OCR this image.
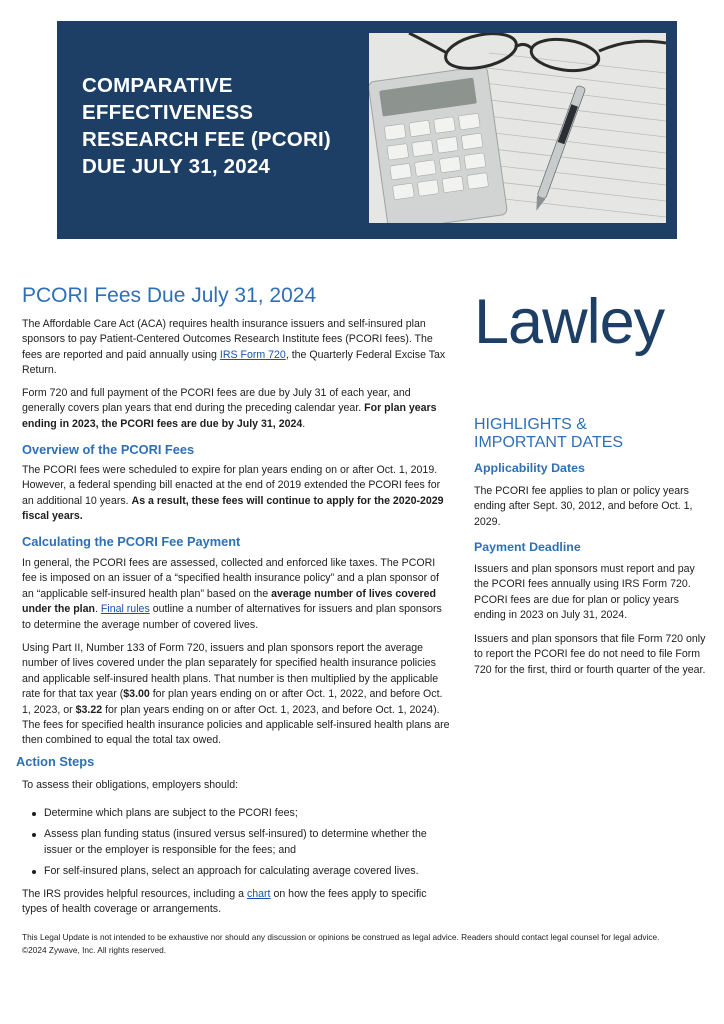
COMPARATIVE
EFFECTIVENESS
RESEARCH FEE (PCORI)
DUE JULY 31, 2024
PCORI Fees Due July 31, 2024

The Affordable Care Act (ACA) requires health insurance issuers and self-insured plan sponsors to pay Patient-Centered Outcomes Research Institute fees (PCORI fees). The fees are reported and paid annually using IRS Form 720, the Quarterly Federal Excise Tax Return.

Form 720 and full payment of the PCORI fees are due by July 31 of each year, and generally covers plan years that end during the preceding calendar year. For plan years ending in 2023, the PCORI fees are due by July 31, 2024.

Overview of the PCORI Fees

The PCORI fees were scheduled to expire for plan years ending on or after Oct. 1, 2019. However, a federal spending bill enacted at the end of 2019 extended the PCORI fees for an additional 10 years. As a result, these fees will continue to apply for the 2020-2029 fiscal years.

Calculating the PCORI Fee Payment

In general, the PCORI fees are assessed, collected and enforced like taxes. The PCORI fee is imposed on an issuer of a “specified health insurance policy” and a plan sponsor of an “applicable self-insured health plan” based on the average number of lives covered under the plan. Final rules outline a number of alternatives for issuers and plan sponsors to determine the average number of covered lives.

Using Part II, Number 133 of Form 720, issuers and plan sponsors report the average number of lives covered under the plan separately for specified health insurance policies and applicable self-insured health plans. That number is then multiplied by the applicable rate for that tax year ($3.00 for plan years ending on or after Oct. 1, 2022, and before Oct. 1, 2023, or $3.22 for plan years ending on or after Oct. 1, 2023, and before Oct. 1, 2024). The fees for specified health insurance policies and applicable self-insured health plans are then combined to equal the total tax owed.

Action Steps

To assess their obligations, employers should:

Determine which plans are subject to the PCORI fees;
Assess plan funding status (insured versus self-insured) to determine whether the issuer or the employer is responsible for the fees; and
For self-insured plans, select an approach for calculating average covered lives.

The IRS provides helpful resources, including a chart on how the fees apply to specific types of health coverage or arrangements.

This Legal Update is not intended to be exhaustive nor should any discussion or opinions be construed as legal advice. Readers should contact legal counsel for legal advice.
©2024 Zywave, Inc. All rights reserved.
Lawley
HIGHLIGHTS &
IMPORTANT DATES
Applicability Dates

The PCORI fee applies to plan or policy years ending after Sept. 30, 2012, and before Oct. 1, 2029.

Payment Deadline

Issuers and plan sponsors must report and pay the PCORI fees annually using IRS Form 720. PCORI fees are due for plan or policy years ending in 2023 on July 31, 2024.

Issuers and plan sponsors that file Form 720 only to report the PCORI fee do not need to file Form 720 for the first, third or fourth quarter of the year.
